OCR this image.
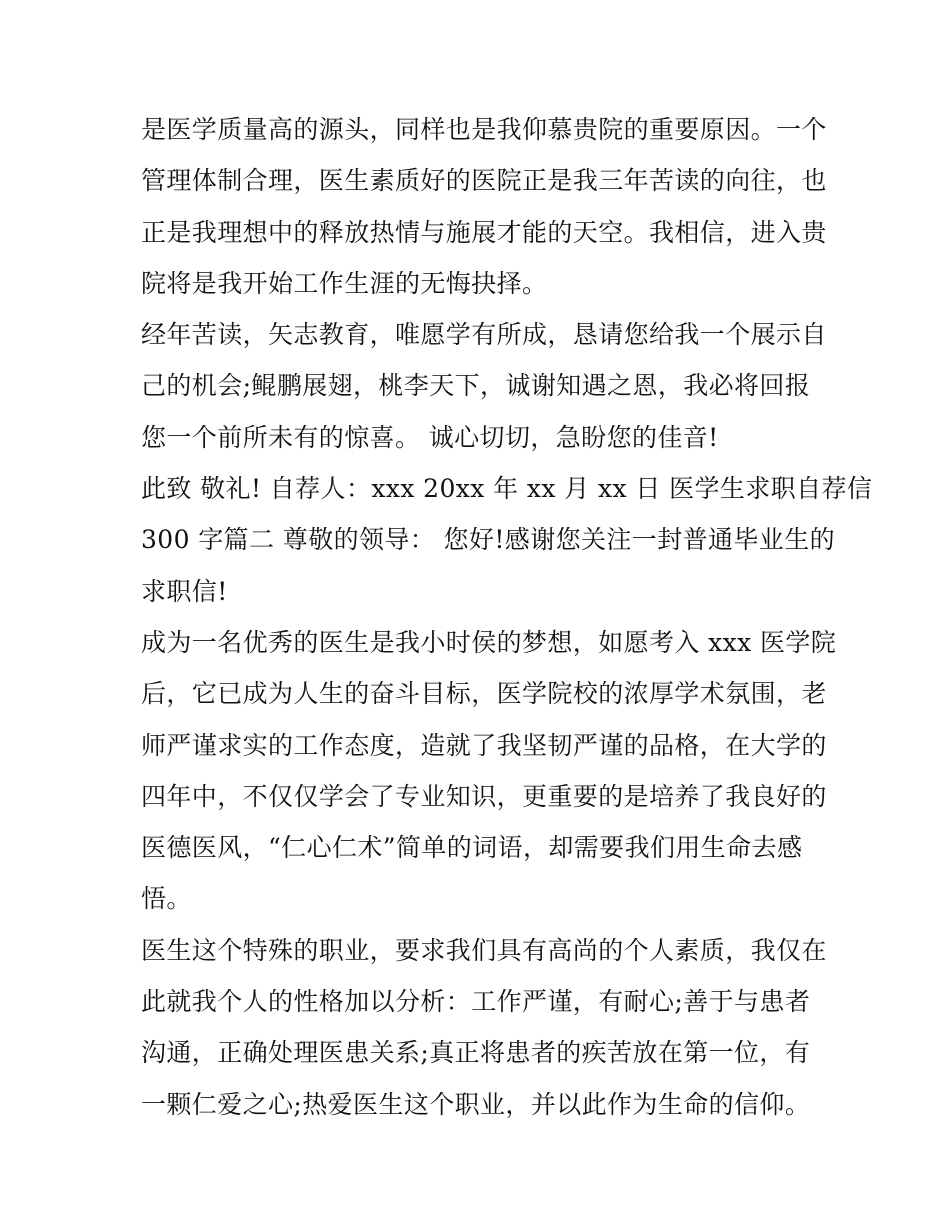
是医学质量高的源头，同样也是我仰慕贵院的重要原因。一个
管理体制合理，医生素质好的医院正是我三年苦读的向往，也
正是我理想中的释放热情与施展才能的天空。我相信，进入贵
院将是我开始工作生涯的无悔抉择。
经年苦读，矢志教育，唯愿学有所成，恳请您给我一个展示自
己的机会;鲲鹏展翅，桃李天下，诚谢知遇之恩，我必将回报
您一个前所未有的惊喜。 诚心切切，急盼您的佳音!
此致 敬礼! 自荐人：xxx 20xx 年 xx 月 xx 日 医学生求职自荐信
300 字篇二 尊敬的领导： 您好!感谢您关注一封普通毕业生的
求职信!
成为一名优秀的医生是我小时侯的梦想，如愿考入 xxx 医学院
后，它已成为人生的奋斗目标，医学院校的浓厚学术氛围，老
师严谨求实的工作态度，造就了我坚韧严谨的品格，在大学的
四年中，不仅仅学会了专业知识，更重要的是培养了我良好的
医德医风，“仁心仁术”简单的词语，却需要我们用生命去感
悟。
医生这个特殊的职业，要求我们具有高尚的个人素质，我仅在
此就我个人的性格加以分析：工作严谨，有耐心;善于与患者
沟通，正确处理医患关系;真正将患者的疾苦放在第一位，有
一颗仁爱之心;热爱医生这个职业，并以此作为生命的信仰。
